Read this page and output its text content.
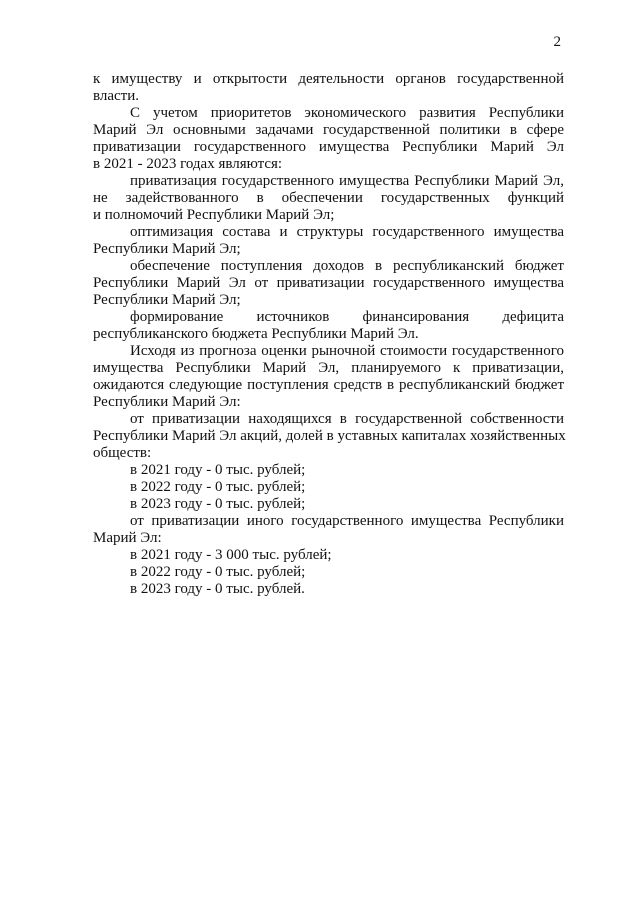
2
к имуществу и открытости деятельности органов государственной
власти.
С учетом приоритетов экономического развития Республики
Марий Эл основными задачами государственной политики в сфере
приватизации государственного имущества Республики Марий Эл
в 2021 - 2023 годах являются:
приватизация государственного имущества Республики Марий Эл,
не задействованного в обеспечении государственных функций
и полномочий Республики Марий Эл;
оптимизация состава и структуры государственного имущества
Республики Марий Эл;
обеспечение поступления доходов в республиканский бюджет
Республики Марий Эл от приватизации государственного имущества
Республики Марий Эл;
формирование источников финансирования дефицита
республиканского бюджета Республики Марий Эл.
Исходя из прогноза оценки рыночной стоимости государственного
имущества Республики Марий Эл, планируемого к приватизации,
ожидаются следующие поступления средств в республиканский бюджет
Республики Марий Эл:
от приватизации находящихся в государственной собственности
Республики Марий Эл акций, долей в уставных капиталах хозяйственных
обществ:
в 2021 году - 0 тыс. рублей;
в 2022 году - 0 тыс. рублей;
в 2023 году - 0 тыс. рублей;
от приватизации иного государственного имущества Республики
Марий Эл:
в 2021 году - 3 000 тыс. рублей;
в 2022 году - 0 тыс. рублей;
в 2023 году - 0 тыс. рублей.
